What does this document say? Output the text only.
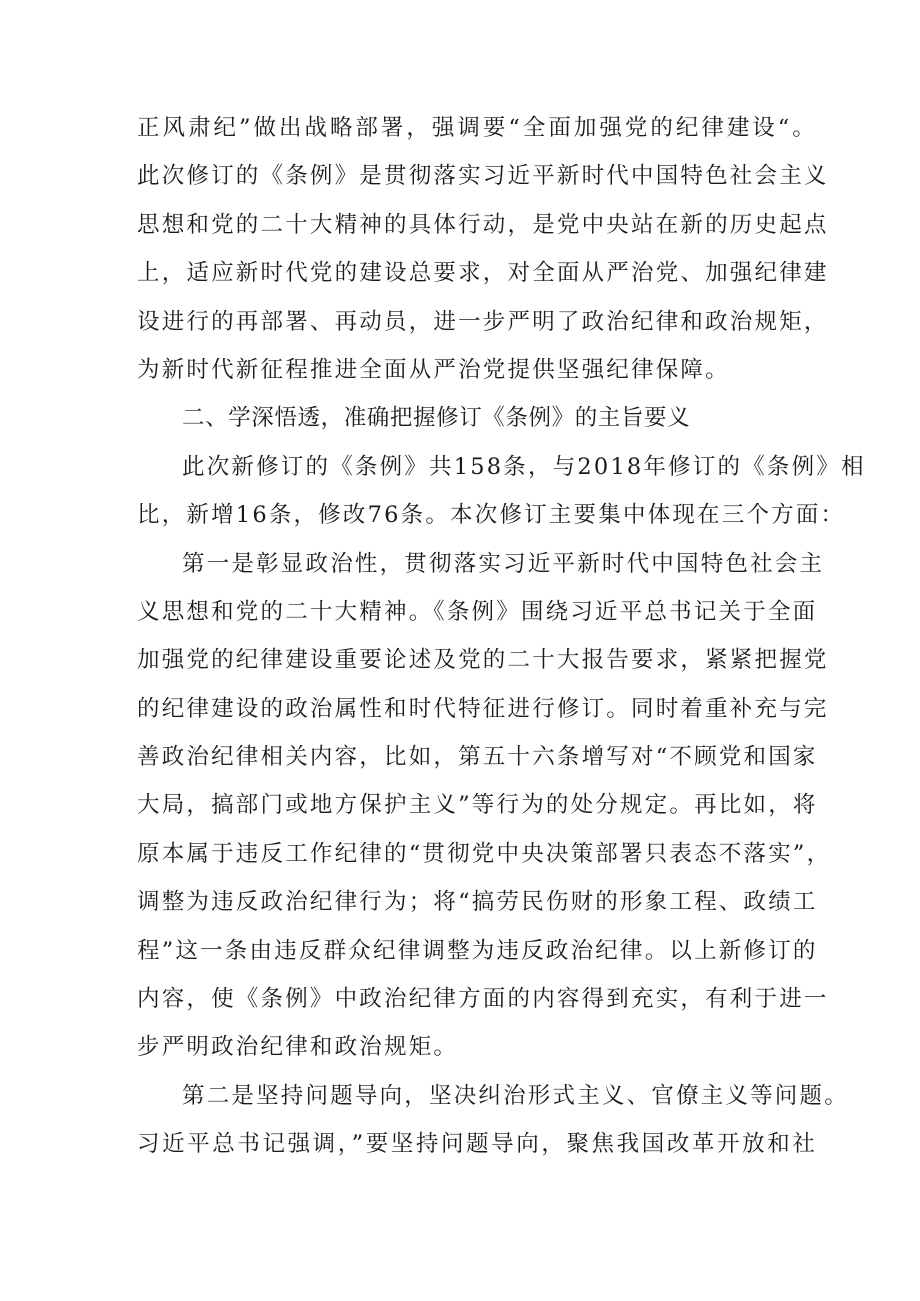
正风肃纪”做出战略部署，强调要“全面加强党的纪律建设“。
此次修订的《条例》是贯彻落实习近平新时代中国特色社会主义
思想和党的二十大精神的具体行动，是党中央站在新的历史起点
上，适应新时代党的建设总要求，对全面从严治党、加强纪律建
设进行的再部署、再动员，进一步严明了政治纪律和政治规矩，
为新时代新征程推进全面从严治党提供坚强纪律保障。
二、学深悟透，准确把握修订《条例》的主旨要义
此次新修订的《条例》共158条，与2018年修订的《条例》相
比，新增16条，修改76条。本次修订主要集中体现在三个方面：
第一是彰显政治性，贯彻落实习近平新时代中国特色社会主
义思想和党的二十大精神。《条例》围绕习近平总书记关于全面
加强党的纪律建设重要论述及党的二十大报告要求，紧紧把握党
的纪律建设的政治属性和时代特征进行修订。同时着重补充与完
善政治纪律相关内容，比如，第五十六条增写对“不顾党和国家
大局，搞部门或地方保护主义”等行为的处分规定。再比如，将
原本属于违反工作纪律的“贯彻党中央决策部署只表态不落实”，
调整为违反政治纪律行为；将“搞劳民伤财的形象工程、政绩工
程”这一条由违反群众纪律调整为违反政治纪律。以上新修订的
内容，使《条例》中政治纪律方面的内容得到充实，有利于进一
步严明政治纪律和政治规矩。
第二是坚持问题导向，坚决纠治形式主义、官僚主义等问题。
习近平总书记强调，”要坚持问题导向，聚焦我国改革开放和社
